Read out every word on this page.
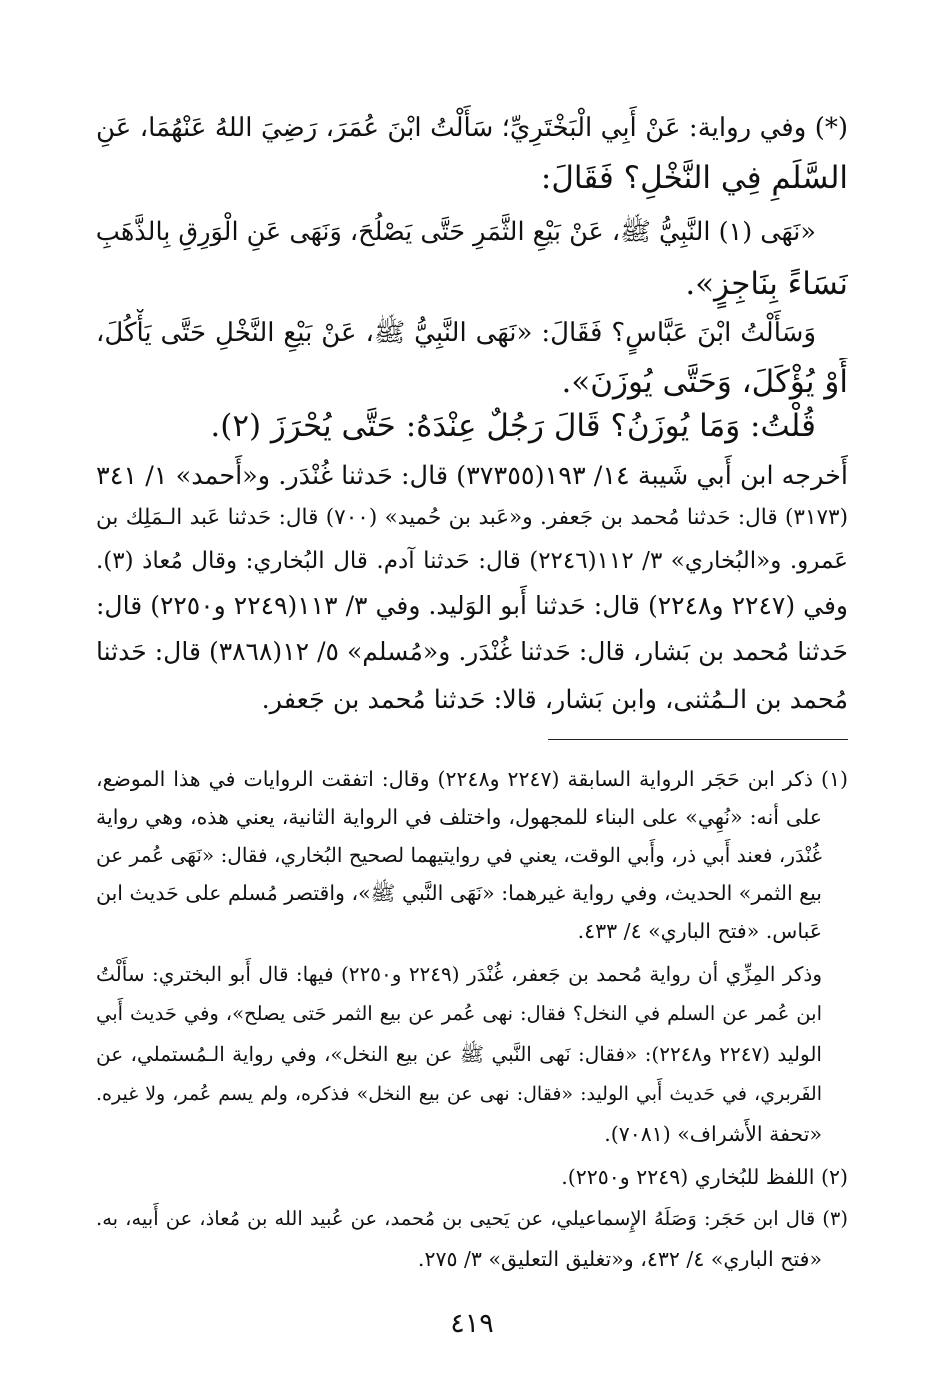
(*) وفي رواية: عَنْ أَبِي الْبَخْتَرِيِّ؛ سَأَلْتُ ابْنَ عُمَرَ، رَضِيَ اللهُ عَنْهُمَا، عَنِ
السَّلَمِ فِي النَّخْلِ؟ فَقَالَ:
«نَهَى (١) النَّبِيُّ ﷺ، عَنْ بَيْعِ الثَّمَرِ حَتَّى يَصْلُحَ، وَنَهَى عَنِ الْوَرِقِ بِالذَّهَبِ
نَسَاءً بِنَاجِزٍ».
وَسَأَلْتُ ابْنَ عَبَّاسٍ؟ فَقَالَ: «نَهَى النَّبِيُّ ﷺ، عَنْ بَيْعِ النَّخْلِ حَتَّى يَأْكُلَ،
أَوْ يُؤْكَلَ، وَحَتَّى يُوزَنَ».
قُلْتُ: وَمَا يُوزَنُ؟ قَالَ رَجُلٌ عِنْدَهُ: حَتَّى يُحْرَزَ (٢).
أَخرجه ابن أَبي شَيبة ١٤/ ١٩٣(٣٧٣٥٥) قال: حَدثنا غُنْدَر. و«أَحمد» ١/ ٣٤١
(٣١٧٣) قال: حَدثنا مُحمد بن جَعفر. و«عَبد بن حُميد» (٧٠٠) قال: حَدثنا عَبد الـمَلِك بن
عَمرو. و«البُخاري» ٣/ ١١٢(٢٢٤٦) قال: حَدثنا آدم. قال البُخاري: وقال مُعاذ (٣).
وفي (٢٢٤٧ و٢٢٤٨) قال: حَدثنا أَبو الوَليد. وفي ٣/ ١١٣(٢٢٤٩ و٢٢٥٠) قال:
حَدثنا مُحمد بن بَشار، قال: حَدثنا غُنْدَر. و«مُسلم» ٥/ ١٢(٣٨٦٨) قال: حَدثنا
مُحمد بن الـمُثنى، وابن بَشار، قالا: حَدثنا مُحمد بن جَعفر.
(١) ذكر ابن حَجَر الرواية السابقة (٢٢٤٧ و٢٢٤٨) وقال: اتفقت الروايات في هذا الموضع،
على أنه: «نُهِي» على البناء للمجهول، واختلف في الرواية الثانية، يعني هذه، وهي رواية
غُنْدَر، فعند أَبي ذر، وأَبي الوقت، يعني في روايتيهما لصحيح البُخاري، فقال: «نَهَى عُمر عن
بيع الثمر» الحديث، وفي رواية غيرهما: «نَهَى النَّبي ﷺ»، واقتصر مُسلم على حَديث ابن
عَباس. «فتح الباري» ٤/ ٤٣٣.
وذكر المِزِّي أن رواية مُحمد بن جَعفر، غُنْدَر (٢٢٤٩ و٢٢٥٠) فيها: قال أَبو البختري: سأَلْتُ
ابن عُمر عن السلم في النخل؟ فقال: نهى عُمر عن بيع الثمر حَتى يصلح»، وفي حَديث أَبي
الوليد (٢٢٤٧ و٢٢٤٨): «فقال: نَهى النَّبي ﷺ عن بيع النخل»، وفي رواية الـمُستملي، عن
الفَربري، في حَديث أَبي الوليد: «فقال: نهى عن بيع النخل» فذكره، ولم يسم عُمر، ولا غيره.
«تحفة الأَشراف» (٧٠٨١).
(٢) اللفظ للبُخاري (٢٢٤٩ و٢٢٥٠).
(٣) قال ابن حَجَر: وَصَلَهُ الإِسماعيلي، عن يَحيى بن مُحمد، عن عُبيد الله بن مُعاذ، عن أَبيه، به.
«فتح الباري» ٤/ ٤٣٢، و«تغليق التعليق» ٣/ ٢٧٥.
٤١٩
